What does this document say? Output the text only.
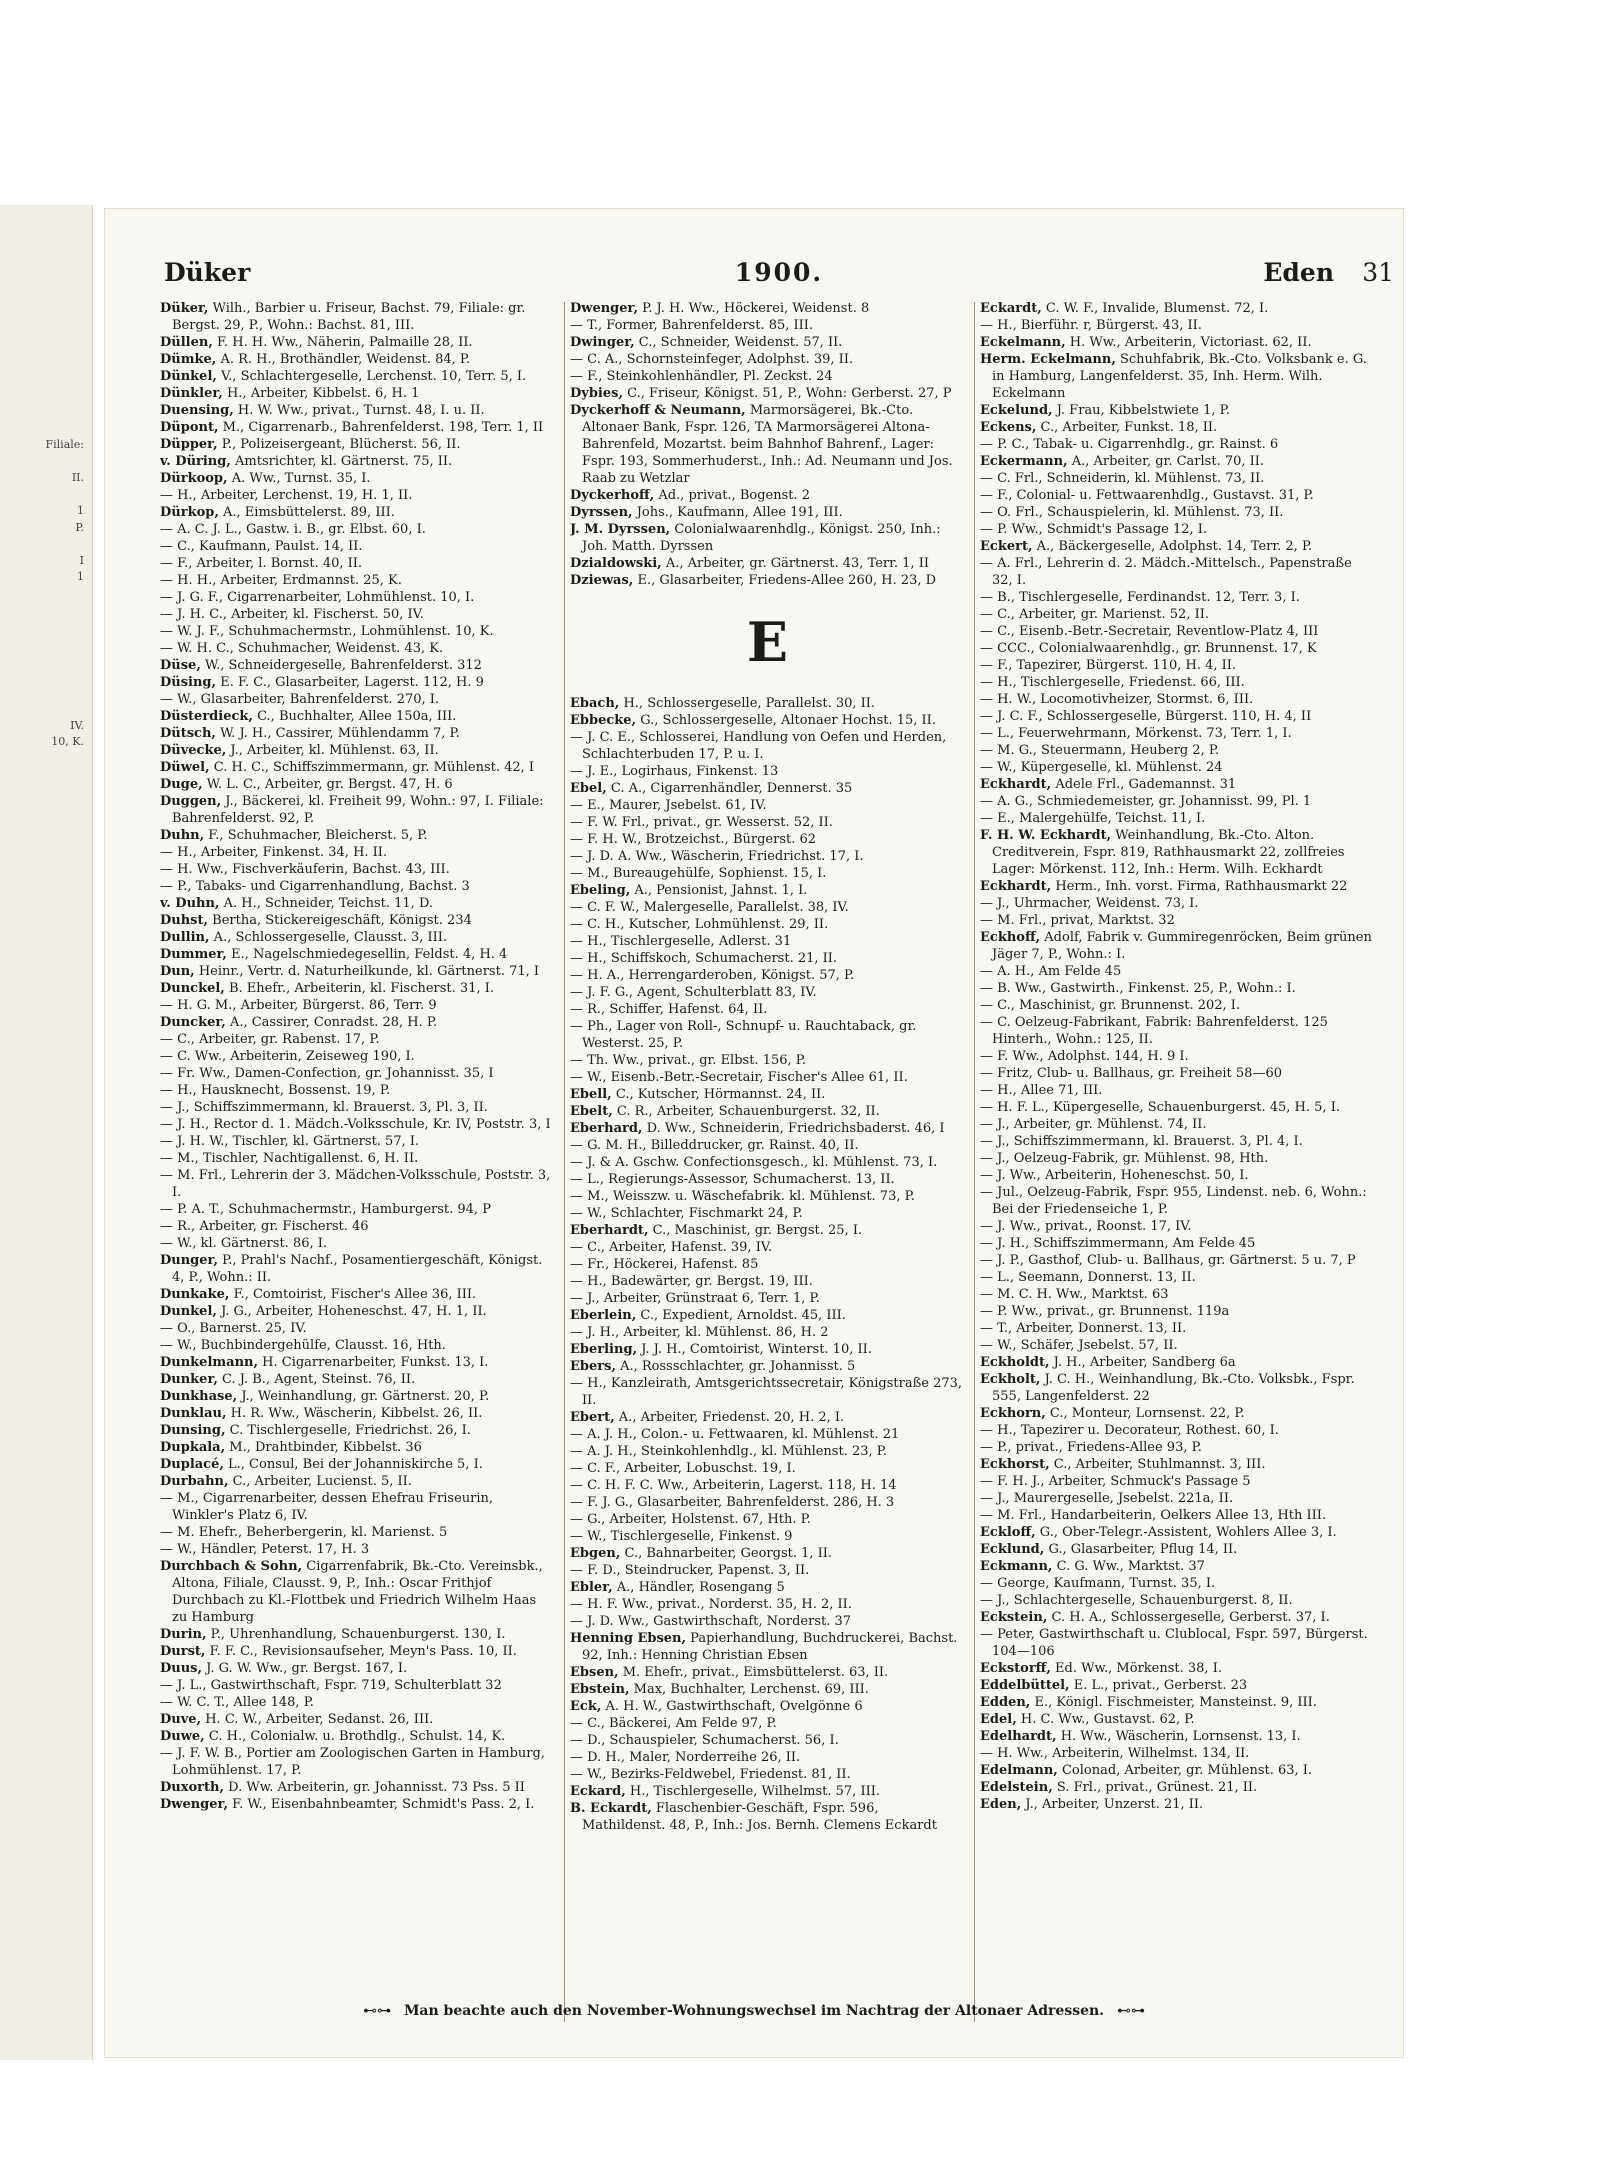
Filiale:

II.

1
P.

I
1

IV.
10, K.

Düker	1900.	Eden 31

Düker, Wilh., Barbier u. Friseur, Bachst. 79, Filiale: gr. Bergst. 29, P., Wohn.: Bachst. 81, III.

Düllen, F. H. H. Ww., Näherin, Palmaille 28, II.

Dümke, A. R. H., Brothändler, Weidenst. 84, P.

Dünkel, V., Schlachtergeselle, Lerchenst. 10, Terr. 5, I.

Dünkler, H., Arbeiter, Kibbelst. 6, H. 1

Duensing, H. W. Ww., privat., Turnst. 48, I. u. II.

Düpont, M., Cigarrenarb., Bahrenfelderst. 198, Terr. 1, II

Düpper, P., Polizeisergeant, Blücherst. 56, II.

v. Düring, Amtsrichter, kl. Gärtnerst. 75, II.

Dürkoop, A. Ww., Turnst. 35, I.

— H., Arbeiter, Lerchenst. 19, H. 1, II.

Dürkop, A., Eimsbüttelerst. 89, III.

— A. C. J. L., Gastw. i. B., gr. Elbst. 60, I.

— C., Kaufmann, Paulst. 14, II.

— F., Arbeiter, l. Bornst. 40, II.

— H. H., Arbeiter, Erdmannst. 25, K.

— J. G. F., Cigarrenarbeiter, Lohmühlenst. 10, I.

— J. H. C., Arbeiter, kl. Fischerst. 50, IV.

— W. J. F., Schuhmachermstr., Lohmühlenst. 10, K.

— W. H. C., Schuhmacher, Weidenst. 43, K.

Düse, W., Schneidergeselle, Bahrenfelderst. 312

Düsing, E. F. C., Glasarbeiter, Lagerst. 112, H. 9

— W., Glasarbeiter, Bahrenfelderst. 270, I.

Düsterdieck, C., Buchhalter, Allee 150a, III.

Dütsch, W. J. H., Cassirer, Mühlendamm 7, P.

Düvecke, J., Arbeiter, kl. Mühlenst. 63, II.

Düwel, C. H. C., Schiffszimmermann, gr. Mühlenst. 42, I

Duge, W. L. C., Arbeiter, gr. Bergst. 47, H. 6

Duggen, J., Bäckerei, kl. Freiheit 99, Wohn.: 97, I. Filiale: Bahrenfelderst. 92, P.

Duhn, F., Schuhmacher, Bleicherst. 5, P.

— H., Arbeiter, Finkenst. 34, H. II.

— H. Ww., Fischverkäuferin, Bachst. 43, III.

— P., Tabaks- und Cigarrenhandlung, Bachst. 3

v. Duhn, A. H., Schneider, Teichst. 11, D.

Duhst, Bertha, Stickereigeschäft, Königst. 234

Dullin, A., Schlossergeselle, Clausst. 3, III.

Dummer, E., Nagelschmiedegesellin, Feldst. 4, H. 4

Dun, Heinr., Vertr. d. Naturheilkunde, kl. Gärtnerst. 71, I

Dunckel, B. Ehefr., Arbeiterin, kl. Fischerst. 31, I.

— H. G. M., Arbeiter, Bürgerst. 86, Terr. 9

Duncker, A., Cassirer, Conradst. 28, H. P.

— C., Arbeiter, gr. Rabenst. 17, P.

— C. Ww., Arbeiterin, Zeiseweg 190, I.

— Fr. Ww., Damen-Confection, gr. Johannisst. 35, I

— H., Hausknecht, Bossenst. 19, P.

— J., Schiffszimmermann, kl. Brauerst. 3, Pl. 3, II.

— J. H., Rector d. 1. Mädch.-Volksschule, Kr. IV, Poststr. 3, I

— J. H. W., Tischler, kl. Gärtnerst. 57, I.

— M., Tischler, Nachtigallenst. 6, H. II.

— M. Frl., Lehrerin der 3. Mädchen-Volksschule, Poststr. 3, I.

— P. A. T., Schuhmachermstr., Hamburgerst. 94, P

— R., Arbeiter, gr. Fischerst. 46

— W., kl. Gärtnerst. 86, I.

Dunger, P., Prahl's Nachf., Posamentiergeschäft, Königst. 4, P., Wohn.: II.

Dunkake, F., Comtoirist, Fischer's Allee 36, III.

Dunkel, J. G., Arbeiter, Hoheneschst. 47, H. 1, II.

— O., Barnerst. 25, IV.

— W., Buchbindergehülfe, Clausst. 16, Hth.

Dunkelmann, H. Cigarrenarbeiter, Funkst. 13, I.

Dunker, C. J. B., Agent, Steinst. 76, II.

Dunkhase, J., Weinhandlung, gr. Gärtnerst. 20, P.

Dunklau, H. R. Ww., Wäscherin, Kibbelst. 26, II.

Dunsing, C. Tischlergeselle, Friedrichst. 26, I.

Dupkala, M., Drahtbinder, Kibbelst. 36

Duplacé, L., Consul, Bei der Johanniskirche 5, I.

Durbahn, C., Arbeiter, Lucienst. 5, II.

— M., Cigarrenarbeiter, dessen Ehefrau Friseurin, Winkler's Platz 6, IV.

— M. Ehefr., Beherbergerin, kl. Marienst. 5

— W., Händler, Peterst. 17, H. 3

Durchbach & Sohn, Cigarrenfabrik, Bk.-Cto. Vereinsbk., Altona, Filiale, Clausst. 9, P., Inh.: Oscar Frithjof Durchbach zu Kl.-Flottbek und Friedrich Wilhelm Haas zu Hamburg

Durin, P., Uhrenhandlung, Schauenburgerst. 130, I.

Durst, F. F. C., Revisionsaufseher, Meyn's Pass. 10, II.

Duus, J. G. W. Ww., gr. Bergst. 167, I.

— J. L., Gastwirthschaft, Fspr. 719, Schulterblatt 32

— W. C. T., Allee 148, P.

Duve, H. C. W., Arbeiter, Sedanst. 26, III.

Duwe, C. H., Colonialw. u. Brothdlg., Schulst. 14, K.

— J. F. W. B., Portier am Zoologischen Garten in Hamburg, Lohmühlenst. 17, P.

Duxorth, D. Ww. Arbeiterin, gr. Johannisst. 73 Pss. 5 II

Dwenger, F. W., Eisenbahnbeamter, Schmidt's Pass. 2, I.

Dwenger, P. J. H. Ww., Höckerei, Weidenst. 8

— T., Former, Bahrenfelderst. 85, III.

Dwinger, C., Schneider, Weidenst. 57, II.

— C. A., Schornsteinfeger, Adolphst. 39, II.

— F., Steinkohlenhändler, Pl. Zeckst. 24

Dybies, C., Friseur, Königst. 51, P., Wohn: Gerberst. 27, P

Dyckerhoff & Neumann, Marmorsägerei, Bk.-Cto. Altonaer Bank, Fspr. 126, TA Marmorsägerei Altona-Bahrenfeld, Mozartst. beim Bahnhof Bahrenf., Lager: Fspr. 193, Sommerhuderst., Inh.: Ad. Neumann und Jos. Raab zu Wetzlar

Dyckerhoff, Ad., privat., Bogenst. 2

Dyrssen, Johs., Kaufmann, Allee 191, III.

J. M. Dyrssen, Colonialwaarenhdlg., Königst. 250, Inh.: Joh. Matth. Dyrssen

Dzialdowski, A., Arbeiter, gr. Gärtnerst. 43, Terr. 1, II

Dziewas, E., Glasarbeiter, Friedens-Allee 260, H. 23, D

E

Ebach, H., Schlossergeselle, Parallelst. 30, II.

Ebbecke, G., Schlossergeselle, Altonaer Hochst. 15, II.

— J. C. E., Schlosserei, Handlung von Oefen und Herden, Schlachterbuden 17, P. u. I.

— J. E., Logirhaus, Finkenst. 13

Ebel, C. A., Cigarrenhändler, Dennerst. 35

— E., Maurer, Jsebelst. 61, IV.

— F. W. Frl., privat., gr. Wesserst. 52, II.

— F. H. W., Brotzeichst., Bürgerst. 62

— J. D. A. Ww., Wäscherin, Friedrichst. 17, I.

— M., Bureaugehülfe, Sophienst. 15, I.

Ebeling, A., Pensionist, Jahnst. 1, I.

— C. F. W., Malergeselle, Parallelst. 38, IV.

— C. H., Kutscher, Lohmühlenst. 29, II.

— H., Tischlergeselle, Adlerst. 31

— H., Schiffskoch, Schumacherst. 21, II.

— H. A., Herrengarderoben, Königst. 57, P.

— J. F. G., Agent, Schulterblatt 83, IV.

— R., Schiffer, Hafenst. 64, II.

— Ph., Lager von Roll-, Schnupf- u. Rauchtaback, gr. Westerst. 25, P.

— Th. Ww., privat., gr. Elbst. 156, P.

— W., Eisenb.-Betr.-Secretair, Fischer's Allee 61, II.

Ebell, C., Kutscher, Hörmannst. 24, II.

Ebelt, C. R., Arbeiter, Schauenburgerst. 32, II.

Eberhard, D. Ww., Schneiderin, Friedrichsbaderst. 46, I

— G. M. H., Billeddrucker, gr. Rainst. 40, II.

— J. & A. Gschw. Confectionsgesch., kl. Mühlenst. 73, I.

— L., Regierungs-Assessor, Schumacherst. 13, II.

— M., Weisszw. u. Wäschefabrik. kl. Mühlenst. 73, P.

— W., Schlachter, Fischmarkt 24, P.

Eberhardt, C., Maschinist, gr. Bergst. 25, I.

— C., Arbeiter, Hafenst. 39, IV.

— Fr., Höckerei, Hafenst. 85

— H., Badewärter, gr. Bergst. 19, III.

— J., Arbeiter, Grünstraat 6, Terr. 1, P.

Eberlein, C., Expedient, Arnoldst. 45, III.

— J. H., Arbeiter, kl. Mühlenst. 86, H. 2

Eberling, J. J. H., Comtoirist, Winterst. 10, II.

Ebers, A., Rossschlachter, gr. Johannisst. 5

— H., Kanzleirath, Amtsgerichtssecretair, Königstraße 273, II.

Ebert, A., Arbeiter, Friedenst. 20, H. 2, I.

— A. J. H., Colon.- u. Fettwaaren, kl. Mühlenst. 21

— A. J. H., Steinkohlenhdlg., kl. Mühlenst. 23, P.

— C. F., Arbeiter, Lobuschst. 19, I.

— C. H. F. C. Ww., Arbeiterin, Lagerst. 118, H. 14

— F. J. G., Glasarbeiter, Bahrenfelderst. 286, H. 3

— G., Arbeiter, Holstenst. 67, Hth. P.

— W., Tischlergeselle, Finkenst. 9

Ebgen, C., Bahnarbeiter, Georgst. 1, II.

— F. D., Steindrucker, Papenst. 3, II.

Ebler, A., Händler, Rosengang 5

— H. F. Ww., privat., Norderst. 35, H. 2, II.

— J. D. Ww., Gastwirthschaft, Norderst. 37

Henning Ebsen, Papierhandlung, Buchdruckerei, Bachst. 92, Inh.: Henning Christian Ebsen

Ebsen, M. Ehefr., privat., Eimsbüttelerst. 63, II.

Ebstein, Max, Buchhalter, Lerchenst. 69, III.

Eck, A. H. W., Gastwirthschaft, Ovelgönne 6

— C., Bäckerei, Am Felde 97, P.

— D., Schauspieler, Schumacherst. 56, I.

— D. H., Maler, Norderreihe 26, II.

— W., Bezirks-Feldwebel, Friedenst. 81, II.

Eckard, H., Tischlergeselle, Wilhelmst. 57, III.

B. Eckardt, Flaschenbier-Geschäft, Fspr. 596, Mathildenst. 48, P., Inh.: Jos. Bernh. Clemens Eckardt

Eckardt, C. W. F., Invalide, Blumenst. 72, I.

— H., Bierführ. r, Bürgerst. 43, II.

Eckelmann, H. Ww., Arbeiterin, Victoriast. 62, II.

Herm. Eckelmann, Schuhfabrik, Bk.-Cto. Volksbank e. G. in Hamburg, Langenfelderst. 35, Inh. Herm. Wilh. Eckelmann

Eckelund, J. Frau, Kibbelstwiete 1, P.

Eckens, C., Arbeiter, Funkst. 18, II.

— P. C., Tabak- u. Cigarrenhdlg., gr. Rainst. 6

Eckermann, A., Arbeiter, gr. Carlst. 70, II.

— C. Frl., Schneiderin, kl. Mühlenst. 73, II.

— F., Colonial- u. Fettwaarenhdlg., Gustavst. 31, P.

— O. Frl., Schauspielerin, kl. Mühlenst. 73, II.

— P. Ww., Schmidt's Passage 12, I.

Eckert, A., Bäckergeselle, Adolphst. 14, Terr. 2, P.

— A. Frl., Lehrerin d. 2. Mädch.-Mittelsch., Papenstraße 32, I.

— B., Tischlergeselle, Ferdinandst. 12, Terr. 3, I.

— C., Arbeiter, gr. Marienst. 52, II.

— C., Eisenb.-Betr.-Secretair, Reventlow-Platz 4, III

— CCC., Colonialwaarenhdlg., gr. Brunnenst. 17, K

— F., Tapezirer, Bürgerst. 110, H. 4, II.

— H., Tischlergeselle, Friedenst. 66, III.

— H. W., Locomotivheizer, Stormst. 6, III.

— J. C. F., Schlossergeselle, Bürgerst. 110, H. 4, II

— L., Feuerwehrmann, Mörkenst. 73, Terr. 1, I.

— M. G., Steuermann, Heuberg 2, P.

— W., Küpergeselle, kl. Mühlenst. 24

Eckhardt, Adele Frl., Gademannst. 31

— A. G., Schmiedemeister, gr. Johannisst. 99, Pl. 1

— E., Malergehülfe, Teichst. 11, I.

F. H. W. Eckhardt, Weinhandlung, Bk.-Cto. Alton. Creditverein, Fspr. 819, Rathhausmarkt 22, zollfreies Lager: Mörkenst. 112, Inh.: Herm. Wilh. Eckhardt

Eckhardt, Herm., Inh. vorst. Firma, Rathhausmarkt 22

— J., Uhrmacher, Weidenst. 73, I.

— M. Frl., privat, Marktst. 32

Eckhoff, Adolf, Fabrik v. Gummiregenröcken, Beim grünen Jäger 7, P., Wohn.: I.

— A. H., Am Felde 45

— B. Ww., Gastwirth., Finkenst. 25, P., Wohn.: I.

— C., Maschinist, gr. Brunnenst. 202, I.

— C. Oelzeug-Fabrikant, Fabrik: Bahrenfelderst. 125 Hinterh., Wohn.: 125, II.

— F. Ww., Adolphst. 144, H. 9 I.

— Fritz, Club- u. Ballhaus, gr. Freiheit 58—60

— H., Allee 71, III.

— H. F. L., Küpergeselle, Schauenburgerst. 45, H. 5, I.

— J., Arbeiter, gr. Mühlenst. 74, II.

— J., Schiffszimmermann, kl. Brauerst. 3, Pl. 4, I.

— J., Oelzeug-Fabrik, gr. Mühlenst. 98, Hth.

— J. Ww., Arbeiterin, Hoheneschst. 50, I.

— Jul., Oelzeug-Fabrik, Fspr. 955, Lindenst. neb. 6, Wohn.: Bei der Friedenseiche 1, P.

— J. Ww., privat., Roonst. 17, IV.

— J. H., Schiffszimmermann, Am Felde 45

— J. P., Gasthof, Club- u. Ballhaus, gr. Gärtnerst. 5 u. 7, P

— L., Seemann, Donnerst. 13, II.

— M. C. H. Ww., Marktst. 63

— P. Ww., privat., gr. Brunnenst. 119a

— T., Arbeiter, Donnerst. 13, II.

— W., Schäfer, Jsebelst. 57, II.

Eckholdt, J. H., Arbeiter, Sandberg 6a

Eckholt, J. C. H., Weinhandlung, Bk.-Cto. Volksbk., Fspr. 555, Langenfelderst. 22

Eckhorn, C., Monteur, Lornsenst. 22, P.

— H., Tapezirer u. Decorateur, Rothest. 60, I.

— P., privat., Friedens-Allee 93, P.

Eckhorst, C., Arbeiter, Stuhlmannst. 3, III.

— F. H. J., Arbeiter, Schmuck's Passage 5

— J., Maurergeselle, Jsebelst. 221a, II.

— M. Frl., Handarbeiterin, Oelkers Allee 13, Hth III.

Eckloff, G., Ober-Telegr.-Assistent, Wohlers Allee 3, I.

Ecklund, G., Glasarbeiter, Pflug 14, II.

Eckmann, C. G. Ww., Marktst. 37

— George, Kaufmann, Turnst. 35, I.

— J., Schlachtergeselle, Schauenburgerst. 8, II.

Eckstein, C. H. A., Schlossergeselle, Gerberst. 37, I.

— Peter, Gastwirthschaft u. Clublocal, Fspr. 597, Bürgerst. 104—106

Eckstorff, Ed. Ww., Mörkenst. 38, I.

Eddelbüttel, E. L., privat., Gerberst. 23

Edden, E., Königl. Fischmeister, Mansteinst. 9, III.

Edel, H. C. Ww., Gustavst. 62, P.

Edelhardt, H. Ww., Wäscherin, Lornsenst. 13, I.

— H. Ww., Arbeiterin, Wilhelmst. 134, II.

Edelmann, Colonad, Arbeiter, gr. Mühlenst. 63, I.

Edelstein, S. Frl., privat., Grünest. 21, II.

Eden, J., Arbeiter, Unzerst. 21, II.

⊷⊶ Man beachte auch den November-Wohnungswechsel im Nachtrag der Altonaer Adressen. ⊷⊶
